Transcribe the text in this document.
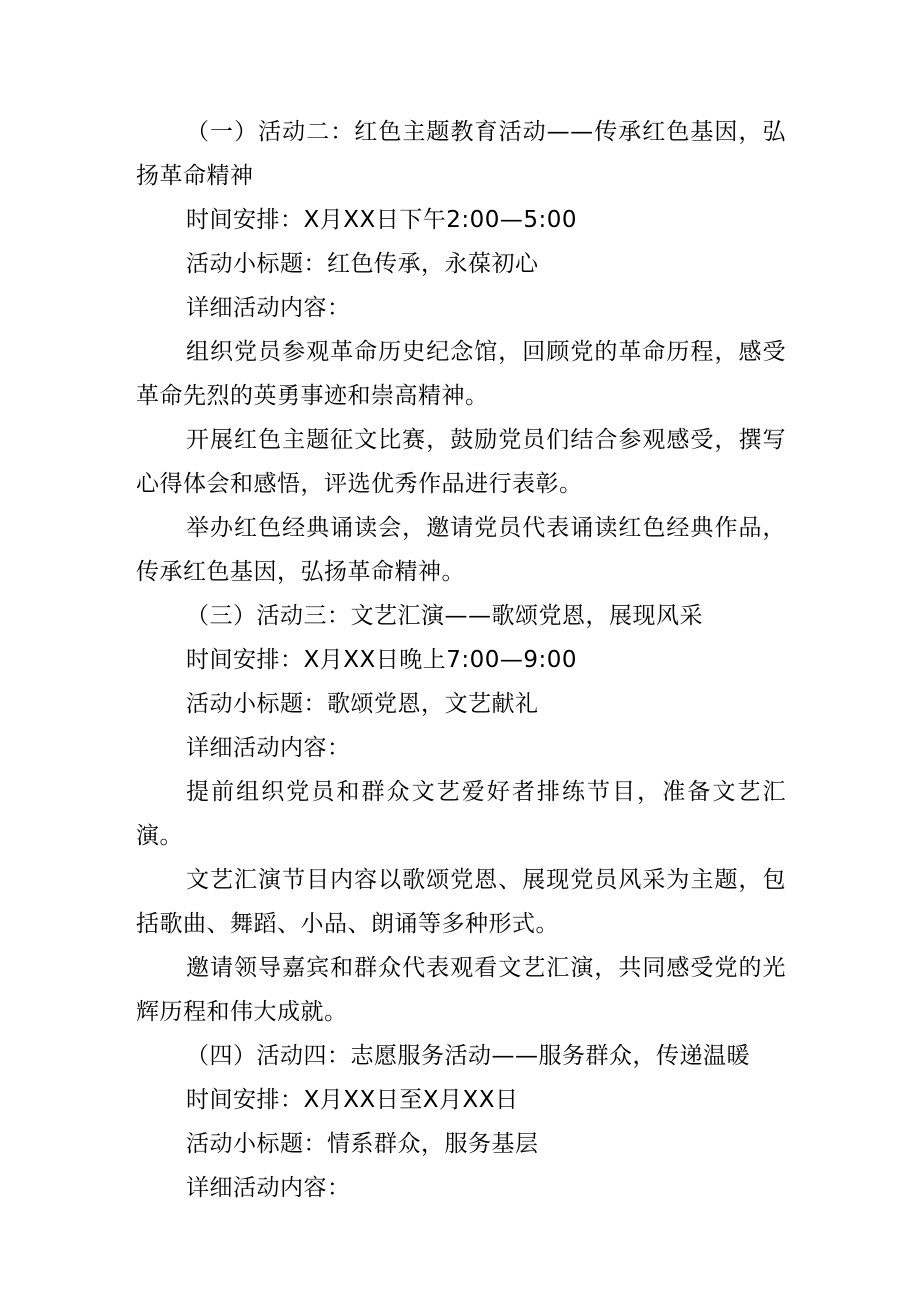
（一）活动二：红色主题教育活动——传承红色基因，弘扬革命精神

时间安排：X月XX日下午2:00—5:00

活动小标题：红色传承，永葆初心

详细活动内容：

组织党员参观革命历史纪念馆，回顾党的革命历程，感受革命先烈的英勇事迹和崇高精神。

开展红色主题征文比赛，鼓励党员们结合参观感受，撰写心得体会和感悟，评选优秀作品进行表彰。

举办红色经典诵读会，邀请党员代表诵读红色经典作品，传承红色基因，弘扬革命精神。

（三）活动三：文艺汇演——歌颂党恩，展现风采

时间安排：X月XX日晚上7:00—9:00

活动小标题：歌颂党恩，文艺献礼

详细活动内容：

提前组织党员和群众文艺爱好者排练节目，准备文艺汇演。

文艺汇演节目内容以歌颂党恩、展现党员风采为主题，包括歌曲、舞蹈、小品、朗诵等多种形式。

邀请领导嘉宾和群众代表观看文艺汇演，共同感受党的光辉历程和伟大成就。

（四）活动四：志愿服务活动——服务群众，传递温暖

时间安排：X月XX日至X月XX日

活动小标题：情系群众，服务基层

详细活动内容：
